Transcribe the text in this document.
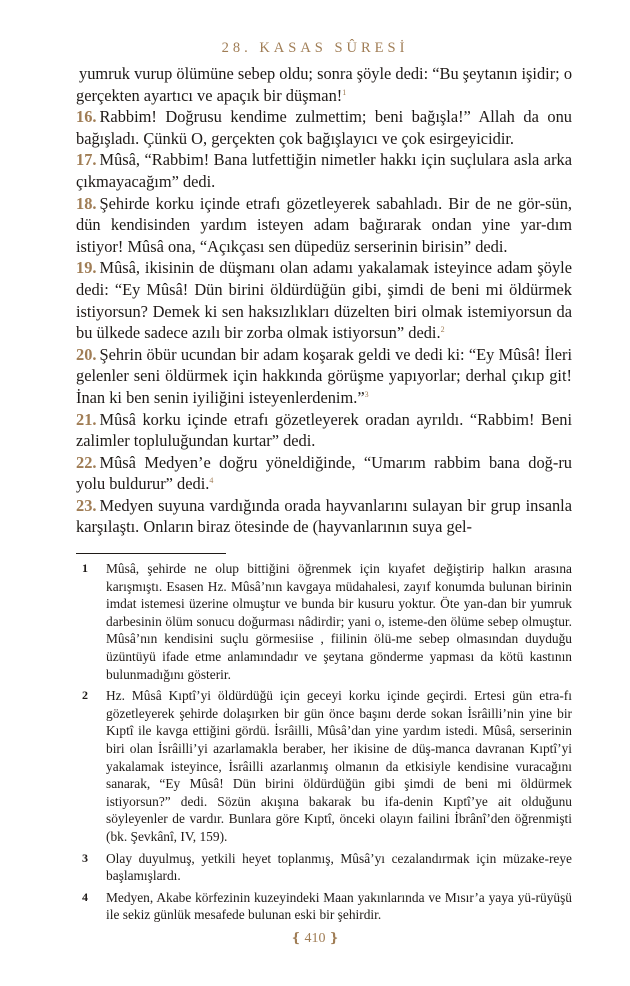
28. KASAS SÛRESİ

yumruk vurup ölümüne sebep oldu; sonra şöyle dedi: “Bu şeytanın işidir; o gerçekten ayartıcı ve apaçık bir düşman!$^1$

16. Rabbim! Doğrusu kendime zulmettim; beni bağışla!” Allah da onu bağışladı. Çünkü O, gerçekten çok bağışlayıcı ve çok esirgeyicidir.

17. Mûsâ, “Rabbim! Bana lutfettiğin nimetler hakkı için suçlulara asla arka çıkmayacağım” dedi.

18. Şehirde korku içinde etrafı gözetleyerek sabahladı. Bir de ne gör-sün, dün kendisinden yardım isteyen adam bağırarak ondan yine yar-dım istiyor! Mûsâ ona, “Açıkçası sen düpedüz serserinin birisin” dedi.

19. Mûsâ, ikisinin de düşmanı olan adamı yakalamak isteyince adam şöyle dedi: “Ey Mûsâ! Dün birini öldürdüğün gibi, şimdi de beni mi öldürmek istiyorsun? Demek ki sen haksızlıkları düzelten biri olmak istemiyorsun da bu ülkede sadece azılı bir zorba olmak istiyorsun” dedi.$^2$

20. Şehrin öbür ucundan bir adam koşarak geldi ve dedi ki: “Ey Mûsâ! İleri gelenler seni öldürmek için hakkında görüşme yapıyorlar; derhal çıkıp git! İnan ki ben senin iyiliğini isteyenlerdenim.”$^3$

21. Mûsâ korku içinde etrafı gözetleyerek oradan ayrıldı. “Rabbim! Beni zalimler topluluğundan kurtar” dedi.

22. Mûsâ Medyen’e doğru yöneldiğinde, “Umarım rabbim bana doğ-ru yolu buldurur” dedi.$^4$

23. Medyen suyuna vardığında orada hayvanlarını sulayan bir grup insanla karşılaştı. Onların biraz ötesinde de (hayvanlarının suya gel-

1	Mûsâ, şehirde ne olup bittiğini öğrenmek için kıyafet değiştirip halkın arasına karışmıştı. Esasen Hz. Mûsâ’nın kavgaya müdahalesi, zayıf konumda bulunan birinin imdat istemesi üzerine olmuştur ve bunda bir kusuru yoktur. Öte yan-dan bir yumruk darbesinin ölüm sonucu doğurması nâdirdir; yani o, isteme-den ölüme sebep olmuştur. Mûsâ’nın kendisini suçlu görmesiise , fiilinin ölü-me sebep olmasından duyduğu üzüntüyü ifade etme anlamındadır ve şeytana gönderme yapması da kötü kastının bulunmadığını gösterir.
2	Hz. Mûsâ Kıptî’yi öldürdüğü için geceyi korku içinde geçirdi. Ertesi gün etra-fı gözetleyerek şehirde dolaşırken bir gün önce başını derde sokan İsrâilli’nin yine bir Kıptî ile kavga ettiğini gördü. İsrâilli, Mûsâ’dan yine yardım istedi. Mûsâ, serserinin biri olan İsrâilli’yi azarlamakla beraber, her ikisine de düş-manca davranan Kıptî’yi yakalamak isteyince, İsrâilli azarlanmış olmanın da etkisiyle kendisine vuracağını sanarak, “Ey Mûsâ! Dün birini öldürdüğün gibi şimdi de beni mi öldürmek istiyorsun?” dedi. Sözün akışına bakarak bu ifa-denin Kıptî’ye ait olduğunu söyleyenler de vardır. Bunlara göre Kıptî, önceki olayın failini İbrânî’den öğrenmişti (bk. Şevkânî, IV, 159).
3	Olay duyulmuş, yetkili heyet toplanmış, Mûsâ’yı cezalandırmak için müzake-reye başlamışlardı.
4	Medyen, Akabe körfezinin kuzeyindeki Maan yakınlarında ve Mısır’a yaya yü-rüyüşü ile sekiz günlük mesafede bulunan eski bir şehirdir.
❴ 410 ❵
